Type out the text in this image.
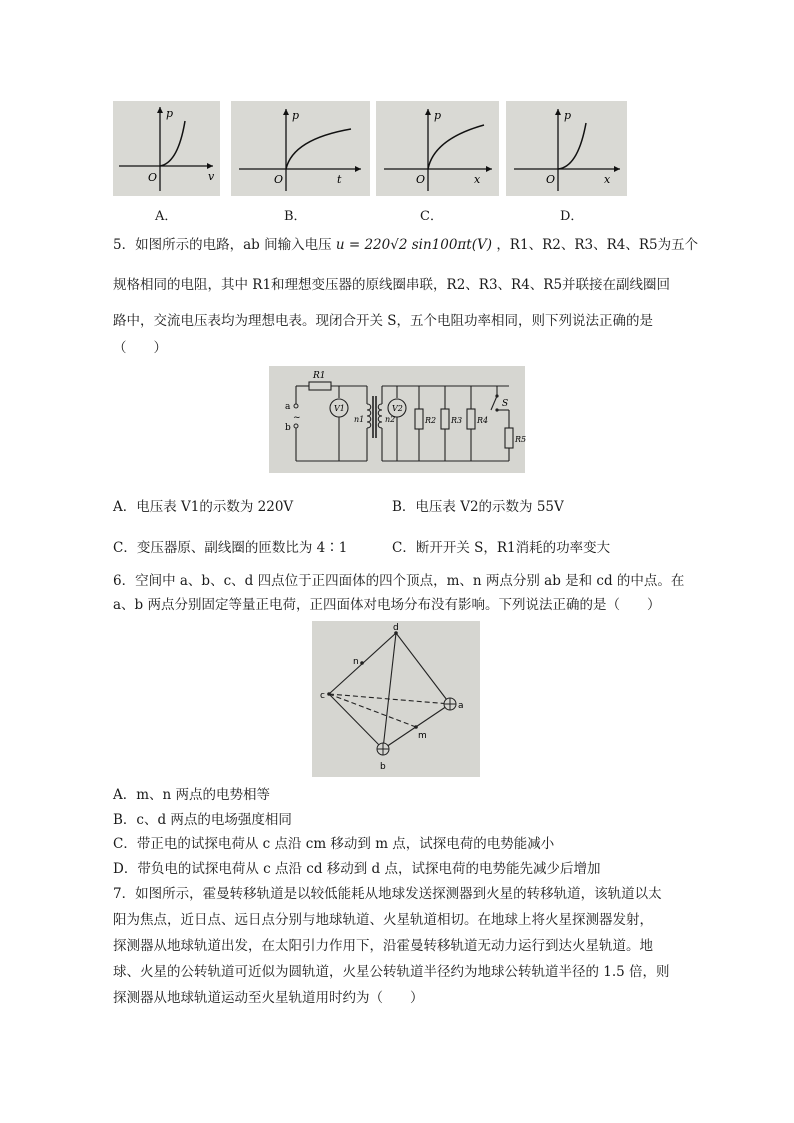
p
O	v
p
O	t
p
O	x
p
O	x
A．	B．	C．	D．
5．如图所示的电路，ab 间输入电压 u = 220√2 sin100πt(V) ，R1、R2、R3、R4、R5为五个
规格相同的电阻，其中 R1和理想变压器的原线圈串联，R2、R3、R4、R5并联接在副线圈回
路中，交流电压表均为理想电表。现闭合开关 S，五个电阻功率相同，则下列说法正确的是
（　　）
R1
a
b
~
V1
n1	n2
V2
R2 R3 R4
S
R5
A．电压表 V1的示数为 220V	B．电压表 V2的示数为 55V
C．变压器原、副线圈的匝数比为 4∶1	C．断开开关 S，R1消耗的功率变大
6．空间中 a、b、c、d 四点位于正四面体的四个顶点，m、n 两点分别 ab 是和 cd 的中点。在
a、b 两点分别固定等量正电荷，正四面体对电场分布没有影响。下列说法正确的是（　　）
a
b
c
d
m
n
A．m、n 两点的电势相等
B．c、d 两点的电场强度相同
C．带正电的试探电荷从 c 点沿 cm 移动到 m 点，试探电荷的电势能减小
D．带负电的试探电荷从 c 点沿 cd 移动到 d 点，试探电荷的电势能先减少后增加
7．如图所示，霍曼转移轨道是以较低能耗从地球发送探测器到火星的转移轨道，该轨道以太
阳为焦点，近日点、远日点分别与地球轨道、火星轨道相切。在地球上将火星探测器发射，
探测器从地球轨道出发，在太阳引力作用下，沿霍曼转移轨道无动力运行到达火星轨道。地
球、火星的公转轨道可近似为圆轨道，火星公转轨道半径约为地球公转轨道半径的 1.5 倍，则
探测器从地球轨道运动至火星轨道用时约为（　　）
